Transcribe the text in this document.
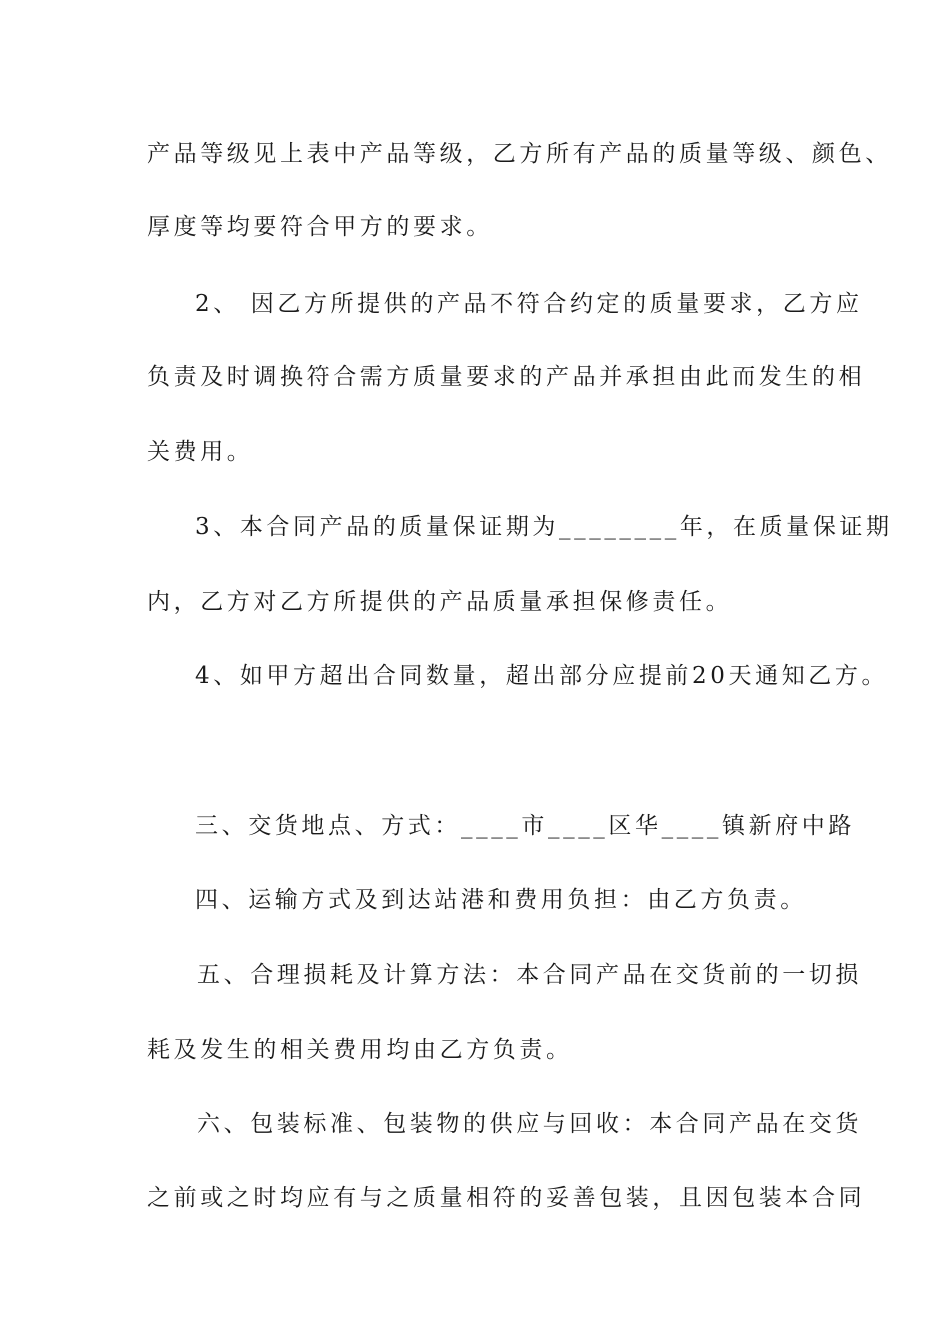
产品等级见上表中产品等级，乙方所有产品的质量等级、颜色、
厚度等均要符合甲方的要求。
2、 因乙方所提供的产品不符合约定的质量要求，乙方应
负责及时调换符合需方质量要求的产品并承担由此而发生的相
关费用。
3、本合同产品的质量保证期为________年，在质量保证期
内，乙方对乙方所提供的产品质量承担保修责任。
4、如甲方超出合同数量，超出部分应提前20天通知乙方。
三、交货地点、方式：____市____区华____镇新府中路
四、运输方式及到达站港和费用负担：由乙方负责。
五、合理损耗及计算方法：本合同产品在交货前的一切损
耗及发生的相关费用均由乙方负责。
六、包装标准、包装物的供应与回收：本合同产品在交货
之前或之时均应有与之质量相符的妥善包装，且因包装本合同
